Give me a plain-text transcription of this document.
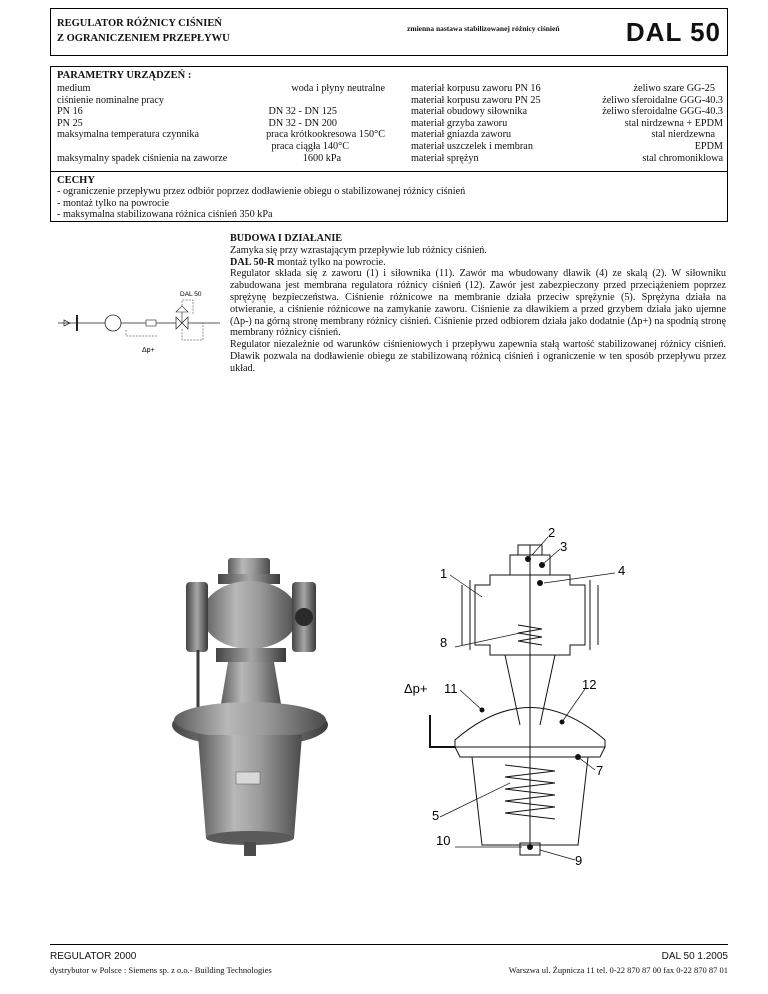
REGULATOR RÓŻNICY CIŚNIEŃ
Z OGRANICZENIEM PRZEPŁYWU
zmienna nastawa stabilizowanej różnicy ciśnień	DAL 50
PARAMETRY URZĄDZEŃ :
medium	woda i płyny neutralne
ciśnienie nominalne pracy
PN 16	DN 32 - DN 125
PN 25	DN 32 - DN 200
maksymalna temperatura czynnika	praca krótkookresowa 150°C
praca ciągła 140°C
maksymalny spadek ciśnienia na zaworze	1600 kPa
materiał korpusu zaworu PN 16	żeliwo szare GG-25
materiał korpusu zaworu PN 25	żeliwo sferoidalne GGG-40.3
materiał obudowy siłownika	żeliwo sferoidalne GGG-40.3
materiał grzyba zaworu	stal nirdzewna + EPDM
materiał gniazda zaworu	stal nierdzewna
materiał uszczelek i membran	EPDM
materiał sprężyn	stal chromoniklowa
CECHY
- ograniczenie przepływu przez odbiór poprzez dodławienie obiegu o stabilizowanej różnicy ciśnień
- montaż tylko na powrocie
- maksymalna stabilizowana różnica ciśnień 350 kPa
DAL 50
Δp+

BUDOWA I DZIAŁANIE

Zamyka się przy wzrastającym przepływie lub różnicy ciśnień.

DAL 50-R montaż tylko na powrocie.

Regulator składa się z zaworu (1) i siłownika (11). Zawór ma wbudowany dławik (4) ze skalą (2). W siłowniku zabudowana jest membrana regulatora różnicy ciśnień (12). Zawór jest zabezpieczony przed przeciążeniem poprzez sprężynę bezpieczeństwa. Ciśnienie różnicowe na membranie działa przeciw sprężynie (5). Sprężyna działa na otwieranie, a ciśnienie różnicowe na zamykanie zaworu. Ciśnienie za dławikiem a przed grzybem działa jako ujemne (Δp-) na górną stronę membrany różnicy ciśnień. Ciśnienie przed odbiorem działa jako dodatnie (Δp+) na spodnią stronę membrany różnicy ciśnień.

Regulator niezależnie od warunków ciśnieniowych i przepływu zapewnia stałą wartość stabilizowanej różnicy ciśnień. Dławik pozwala na dodławienie obiegu ze stabilizowaną różnicą ciśnień i ograniczenie w ten sposób przepływu przez układ.

1
2
3
4
5
7
8
9
10
11	12
Δp+
REGULATOR 2000
dystrybutor w Polsce : Siemens sp. z o.o.- Building Technologies
DAL 50 1.2005
Warszwa ul. Żupnicza 11 tel. 0-22 870 87 00 fax 0-22 870 87 01
